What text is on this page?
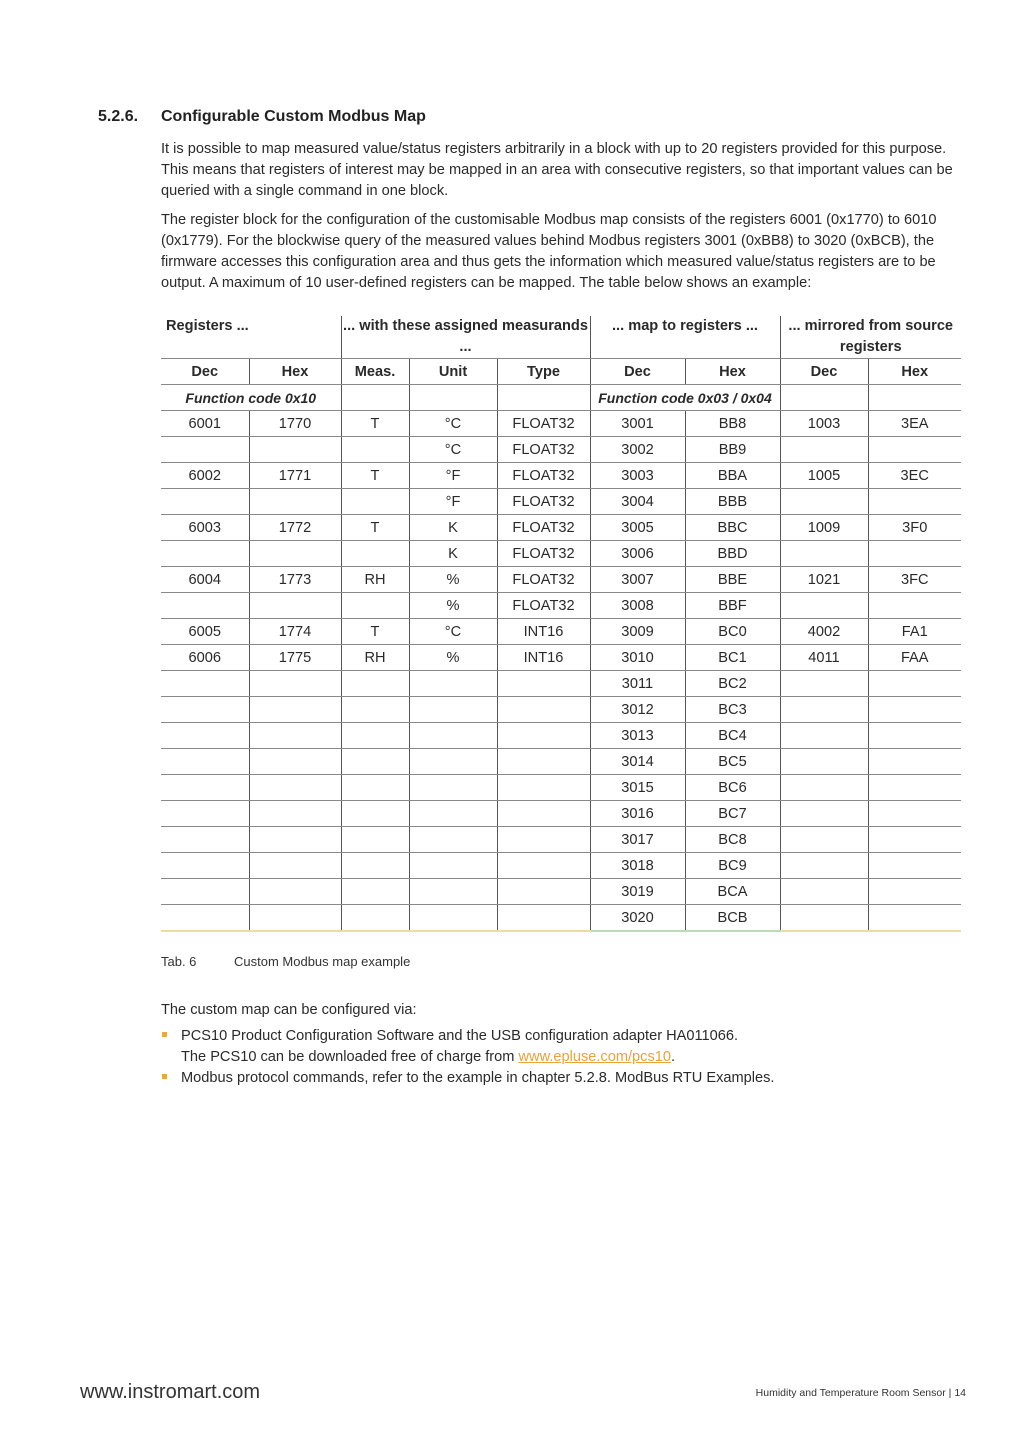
5.2.6.	Configurable Custom Modbus Map

It is possible to map measured value/status registers arbitrarily in a block with up to 20 registers provided for this purpose. This means that registers of interest may be mapped in an area with consecutive registers, so that important values can be queried with a single command in one block.

The register block for the configuration of the customisable Modbus map consists of the registers 6001 (0x1770) to 6010 (0x1779). For the blockwise query of the measured values behind Modbus registers 3001 (0xBB8) to 3020 (0xBCB), the firmware accesses this configuration area and thus gets the information which measured value/status registers are to be output. A maximum of 10 user-defined registers can be mapped. The table below shows an example:

Registers ...		... with these assigned measurands ...			... map to registers ...		... mirrored from source registers	
Dec	Hex	Meas.	Unit	Type	Dec	Hex	Dec	Hex
Function code 0x10					Function code 0x03 / 0x04			
6001	1770	T	°C	FLOAT32	3001	BB8	1003	3EA
			°C	FLOAT32	3002	BB9		
6002	1771	T	°F	FLOAT32	3003	BBA	1005	3EC
			°F	FLOAT32	3004	BBB		
6003	1772	T	K	FLOAT32	3005	BBC	1009	3F0
			K	FLOAT32	3006	BBD		
6004	1773	RH	%	FLOAT32	3007	BBE	1021	3FC
			%	FLOAT32	3008	BBF		
6005	1774	T	°C	INT16	3009	BC0	4002	FA1
6006	1775	RH	%	INT16	3010	BC1	4011	FAA
					3011	BC2		
					3012	BC3		
					3013	BC4		
					3014	BC5		
					3015	BC6		
					3016	BC7		
					3017	BC8		
					3018	BC9		
					3019	BCA		
					3020	BCB		
Tab. 6	Custom Modbus map example

The custom map can be configured via:

PCS10 Product Configuration Software and the USB configuration adapter HA011066.
The PCS10 can be downloaded free of charge from www.epluse.com/pcs10.
Modbus protocol commands, refer to the example in chapter 5.2.8. ModBus RTU Examples.
www.instromart.com	Humidity and Temperature Room Sensor | 14
